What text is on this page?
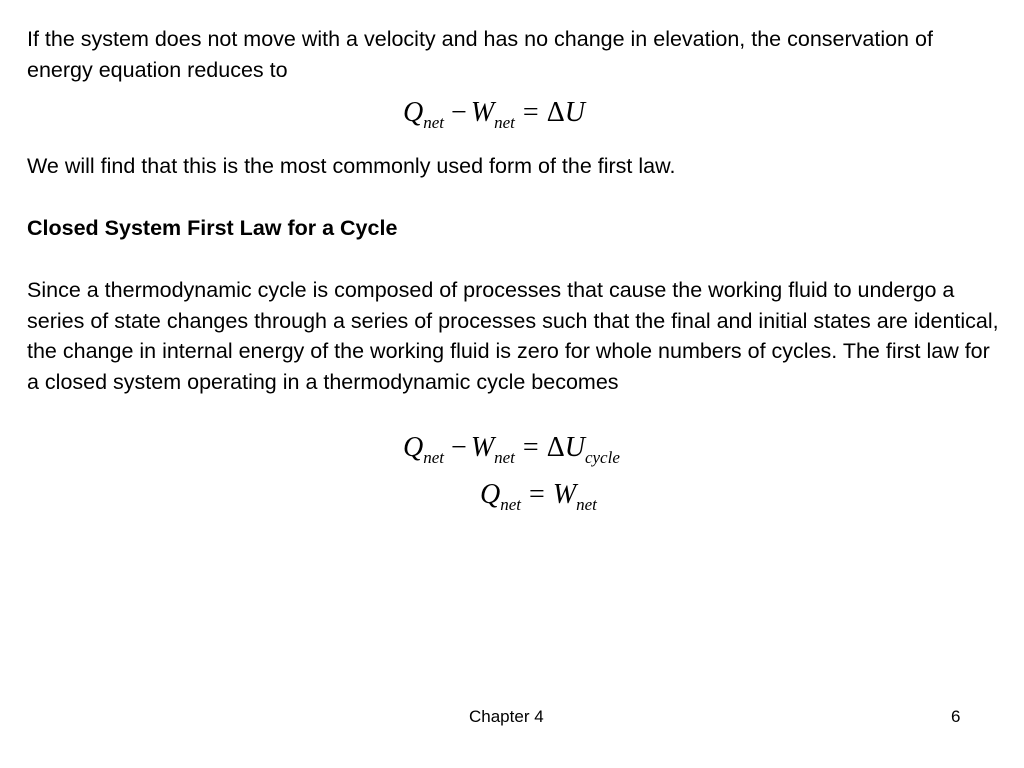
If the system does not move with a velocity and has no change in elevation, the conservation of energy equation reduces to

$Q_{net} - W_{net} = \Delta U$

We will find that this is the most commonly used form of the first law.

Closed System First Law for a Cycle

Since a thermodynamic cycle is composed of processes that cause the working fluid to undergo a series of state changes through a series of processes such that the final and initial states are identical, the change in internal energy of the working fluid is zero for whole numbers of cycles. The first law for a closed system operating in a thermodynamic cycle becomes

$Q_{net} - W_{net} = \Delta U_{cycle}$
$Q_{net} = W_{net}$
Chapter 4	6
